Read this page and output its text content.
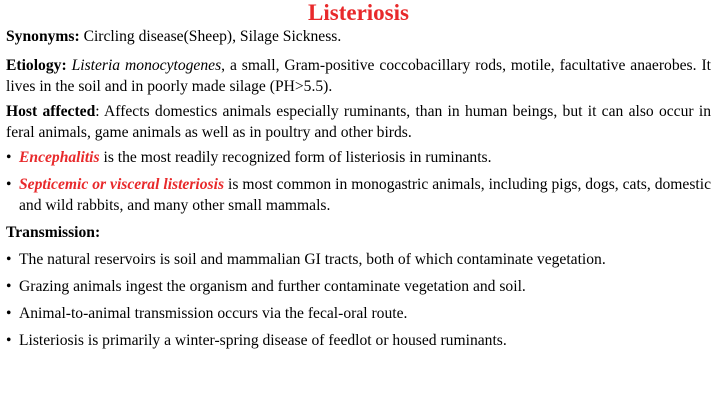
Listeriosis

Synonyms: Circling disease(Sheep), Silage Sickness.

Etiology: Listeria monocytogenes, a small, Gram-positive coccobacillary rods, motile, facultative anaerobes. It lives in the soil and in poorly made silage (PH>5.5).

Host affected: Affects domestics animals especially ruminants, than in human beings, but it can also occur in feral animals, game animals as well as in poultry and other birds.

• Encephalitis is the most readily recognized form of listeriosis in ruminants.

• Septicemic or visceral listeriosis is most common in monogastric animals, including pigs, dogs, cats, domestic and wild rabbits, and many other small mammals.

Transmission:

• The natural reservoirs is soil and mammalian GI tracts, both of which contaminate vegetation.

• Grazing animals ingest the organism and further contaminate vegetation and soil.

• Animal-to-animal transmission occurs via the fecal-oral route.

• Listeriosis is primarily a winter-spring disease of feedlot or housed ruminants.
